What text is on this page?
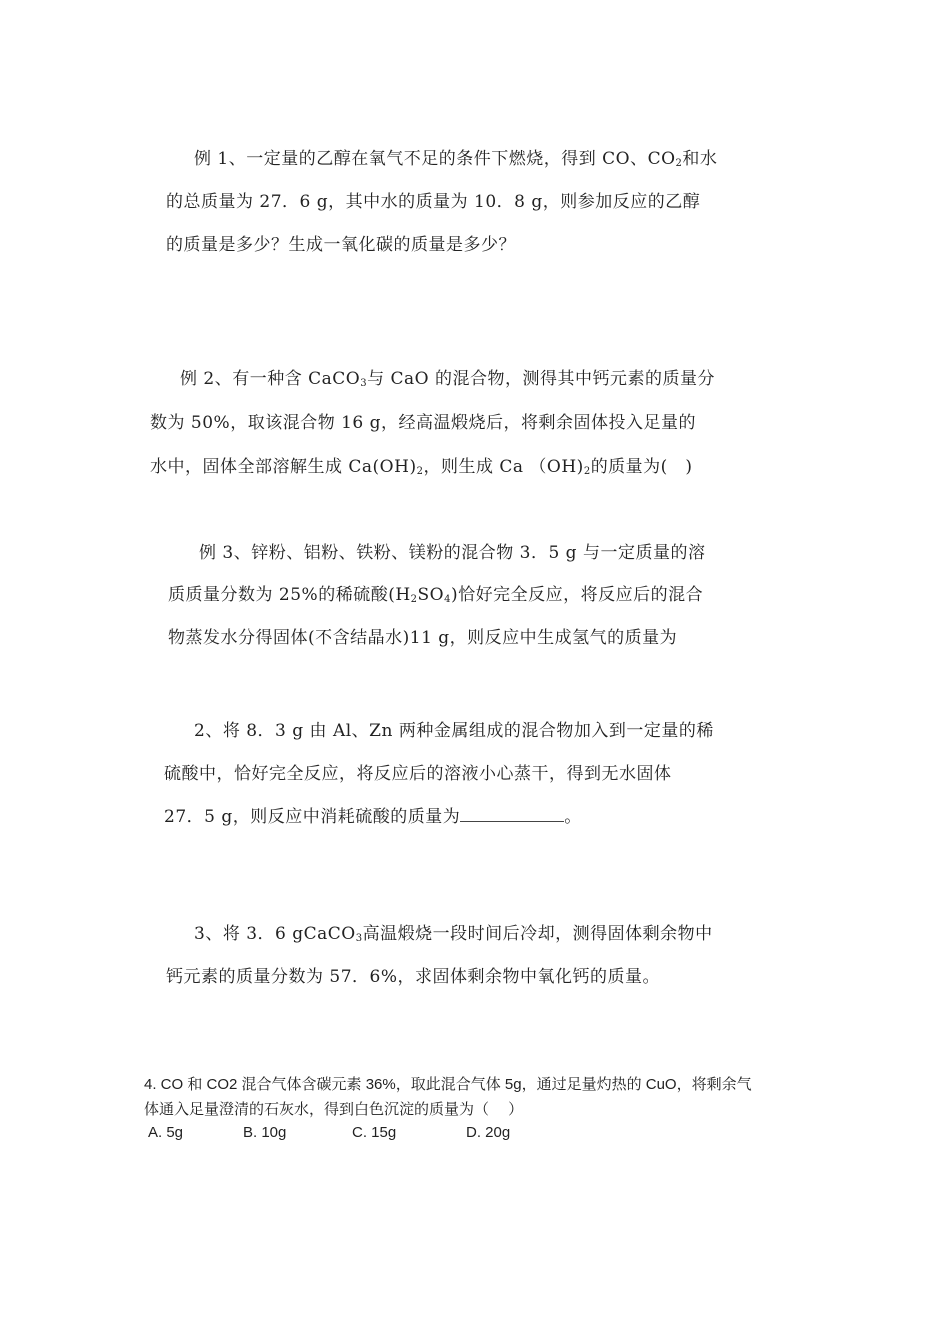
例 1、一定量的乙醇在氧气不足的条件下燃烧，得到 CO、$CO_2$和水
的总质量为 27．6 g，其中水的质量为 10．8 g，则参加反应的乙醇
的质量是多少？生成一氧化碳的质量是多少？
例 2、有一种含 CaCO$_3$与 CaO 的混合物，测得其中钙元素的质量分
数为 50%，取该混合物 16 g，经高温煅烧后，将剩余固体投入足量的
水中，固体全部溶解生成 $Ca(OH)_2$，则生成 Ca $(OH)_2$的质量为(　)
例 3、锌粉、铝粉、铁粉、镁粉的混合物 3．5 g 与一定质量的溶
质质量分数为 25%的稀硫酸$(H_2SO_4)$恰好完全反应，将反应后的混合
物蒸发水分得固体(不含结晶水)11 g，则反应中生成氢气的质量为
2、将 8．3 g 由 Al、Zn 两种金属组成的混合物加入到一定量的稀
硫酸中，恰好完全反应，将反应后的溶液小心蒸干，得到无水固体
27．5 g，则反应中消耗硫酸的质量为	。
3、将 3．6 gCaCO$_3$高温煅烧一段时间后冷却，测得固体剩余物中
钙元素的质量分数为 57．6%，求固体剩余物中氧化钙的质量。
4. CO 和 CO2 混合气体含碳元素 36%，取此混合气体 5g，通过足量灼热的 CuO，将剩余气
体通入足量澄清的石灰水，得到白色沉淀的质量为（　 ）
A. 5g	B. 10g	C. 15g	D. 20g
